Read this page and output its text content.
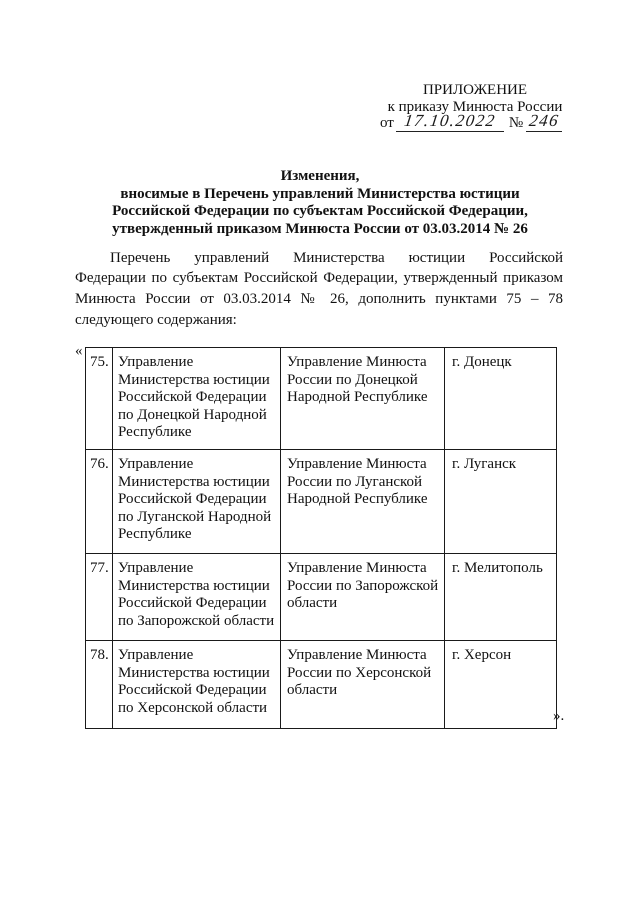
ПРИЛОЖЕНИЕ
к приказу Минюста России
от 17.10.2022 № 246
Изменения,
вносимые в Перечень управлений Министерства юстиции
Российской Федерации по субъектам Российской Федерации,
утвержденный приказом Минюста России от 03.03.2014 № 26
Перечень управлений Министерства юстиции Российской
Федерации по субъектам Российской Федерации, утвержденный приказом
Минюста России от 03.03.2014 № 26, дополнить пунктами 75 – 78
следующего содержания:
«
75.	Управление
Министерства юстиции
Российской Федерации
по Донецкой Народной
Республике	Управление Минюста
России по Донецкой
Народной Республике	г. Донецк
76.	Управление
Министерства юстиции
Российской Федерации
по Луганской Народной
Республике	Управление Минюста
России по Луганской
Народной Республике	г. Луганск
77.	Управление
Министерства юстиции
Российской Федерации
по Запорожской области	Управление Минюста
России по Запорожской
области	г. Мелитополь
78.	Управление
Министерства юстиции
Российской Федерации
по Херсонской области	Управление Минюста
России по Херсонской
области	г. Херсон
».
